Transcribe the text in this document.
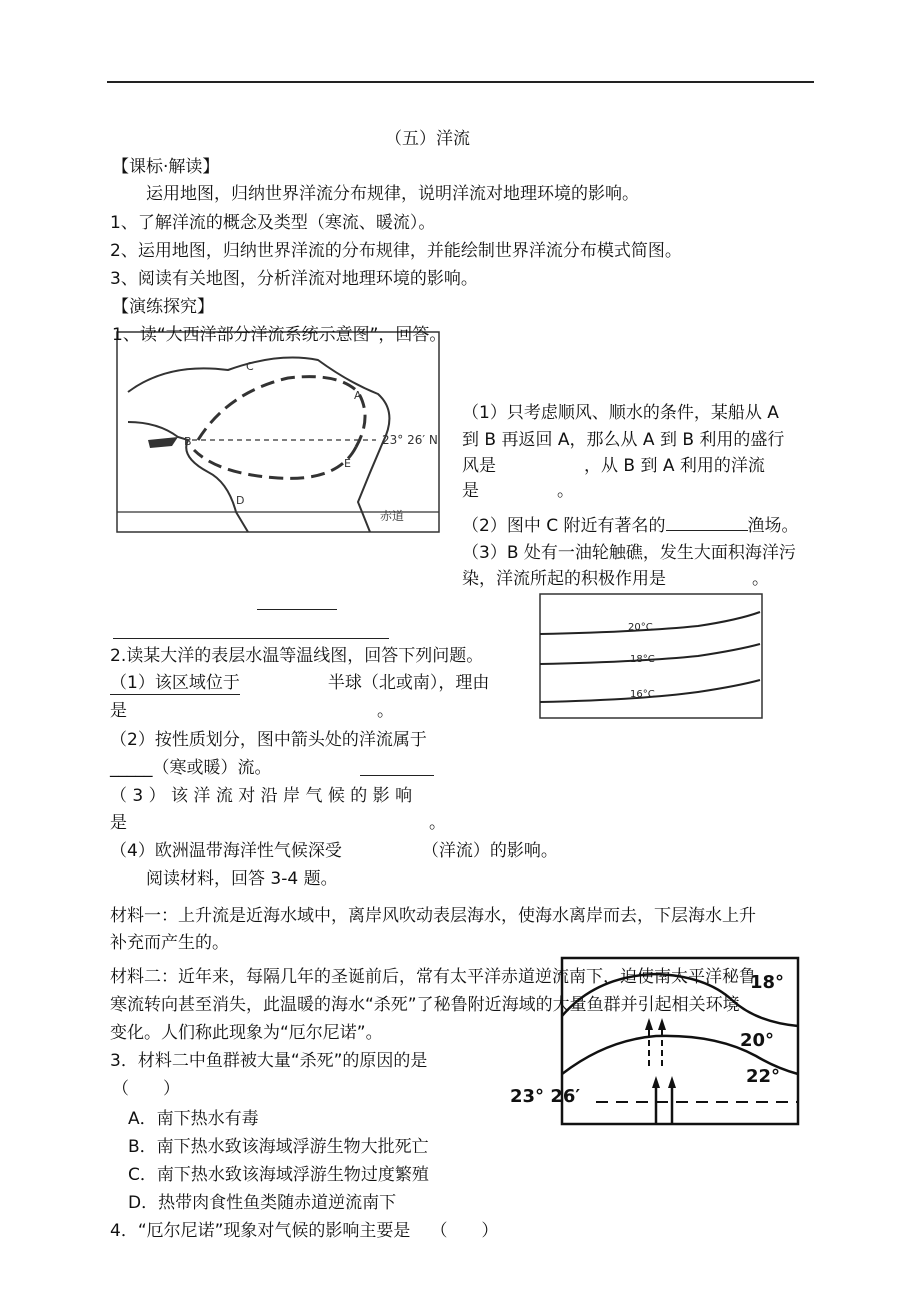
（五）洋流
【课标·解读】
运用地图，归纳世界洋流分布规律，说明洋流对地理环境的影响。
1、了解洋流的概念及类型（寒流、暖流）。
2、运用地图，归纳世界洋流的分布规律，并能绘制世界洋流分布模式简图。
3、阅读有关地图，分析洋流对地理环境的影响。
【演练探究】
C
A
B
E
D
23° 26′ N
赤道
1、读“大西洋部分洋流系统示意图”，回答。
（1）只考虑顺风、顺水的条件，某船从 A
到 B 再返回 A，那么从 A 到 B 利用的盛行
风是	，从 B 到 A 利用的洋流
是	。
（2）图中 C 附近有著名的	渔场。
（3）B 处有一油轮触礁，发生大面积海洋污
染，洋流所起的积极作用是	。
20°C
18°C
16°C
2.读某大洋的表层水温等温线图，回答下列问题。
（1）该区域位于	半球（北或南），理由
是	。
（2）按性质划分，图中箭头处的洋流属于
_____（寒或暖）流。
（ 3 ） 该 洋 流 对 沿 岸 气 候 的 影 响
是	。
（4）欧洲温带海洋性气候深受	（洋流）的影响。
阅读材料，回答 3-4 题。
材料一：上升流是近海水域中，离岸风吹动表层海水，使海水离岸而去，下层海水上升
补充而产生的。
18°
20°
22°
23° 26′
材料二：近年来，每隔几年的圣诞前后，常有太平洋赤道逆流南下，迫使南太平洋秘鲁
寒流转向甚至消失，此温暖的海水“杀死”了秘鲁附近海域的大量鱼群并引起相关环境
变化。人们称此现象为“厄尔尼诺”。
3．材料二中鱼群被大量“杀死”的原因的是
（　　）
A．南下热水有毒
B．南下热水致该海域浮游生物大批死亡
C．南下热水致该海域浮游生物过度繁殖
D．热带肉食性鱼类随赤道逆流南下
4．“厄尔尼诺”现象对气候的影响主要是 （　　）
